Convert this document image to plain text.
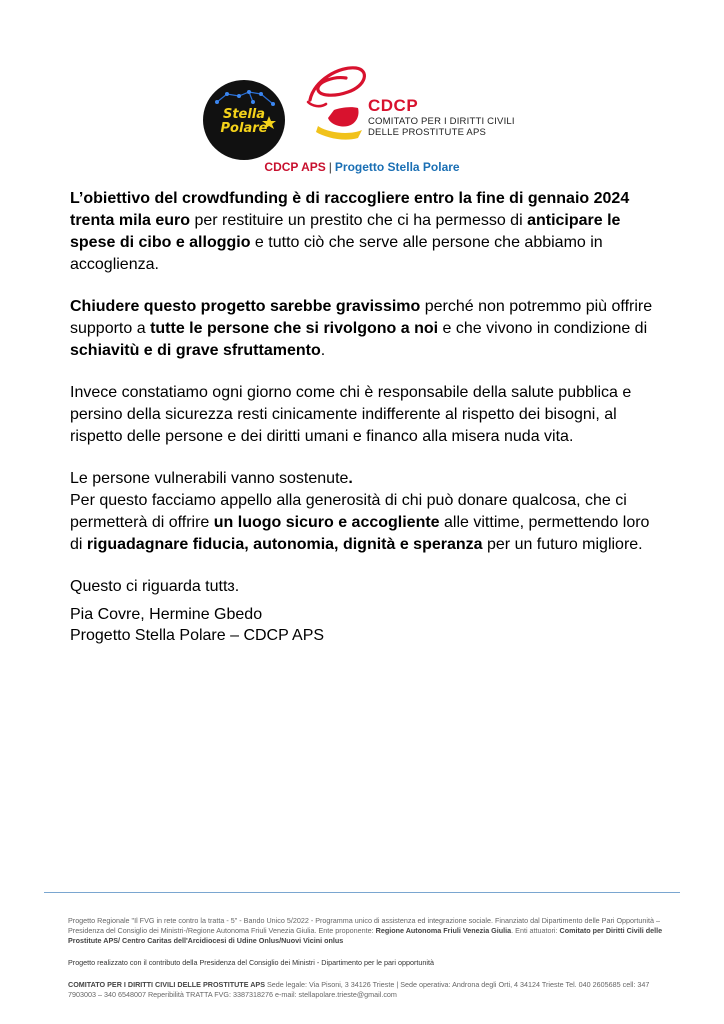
Stella
Polare
CDCP
COMITATO PER I DIRITTI CIVILI
DELLE PROSTITUTE APS
CDCP APS | Progetto Stella Polare

L’obiettivo del crowdfunding è di raccogliere entro la fine di gennaio 2024 trenta mila euro per restituire un prestito che ci ha permesso di anticipare le spese di cibo e alloggio e tutto ciò che serve alle persone che abbiamo in accoglienza.

Chiudere questo progetto sarebbe gravissimo perché non potremmo più offrire supporto a tutte le persone che si rivolgono a noi e che vivono in condizione di schiavitù e di grave sfruttamento.

Invece constatiamo ogni giorno come chi è responsabile della salute pubblica e persino della sicurezza resti cinicamente indifferente al rispetto dei bisogni, al rispetto delle persone e dei diritti umani e financo alla misera nuda vita.

Le persone vulnerabili vanno sostenute.

Per questo facciamo appello alla generosità di chi può donare qualcosa, che ci permetterà di offrire un luogo sicuro e accogliente alle vittime, permettendo loro di riguadagnare fiducia, autonomia, dignità e speranza per un futuro migliore.

Questo ci riguarda tuttɜ.

Pia Covre, Hermine Gbedo
Progetto Stella Polare – CDCP APS
Progetto Regionale "Il FVG in rete contro la tratta - 5" - Bando Unico 5/2022 - Programma unico di assistenza ed integrazione sociale. Finanziato dal Dipartimento delle Pari Opportunità – Presidenza del Consiglio dei Ministri-/Regione Autonoma Friuli Venezia Giulia. Ente proponente: Regione Autonoma Friuli Venezia Giulia. Enti attuatori: Comitato per Diritti Civili delle Prostitute APS/ Centro Caritas dell'Arcidiocesi di Udine Onlus/Nuovi Vicini onlus
Progetto realizzato con il contributo della Presidenza del Consiglio dei Ministri - Dipartimento per le pari opportunità
COMITATO PER I DIRITTI CIVILI DELLE PROSTITUTE APS Sede legale: Via Pisoni, 3 34126 Trieste | Sede operativa: Androna degli Orti, 4 34124 Trieste Tel. 040 2605685 cell: 347 7903003 – 340 6548007 Reperibilità TRATTA FVG: 3387318276 e-mail: stellapolare.trieste@gmail.com
